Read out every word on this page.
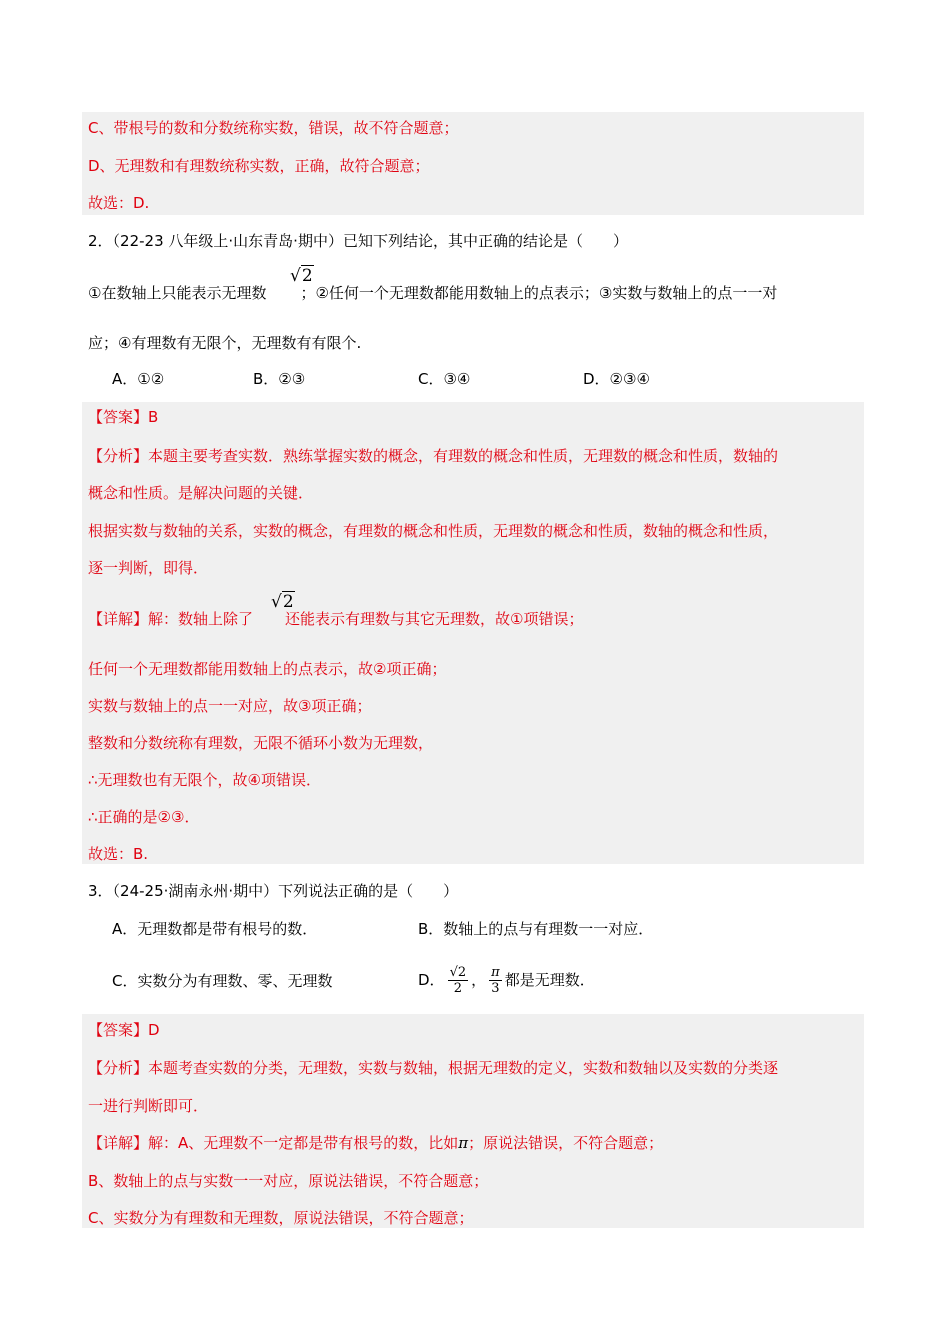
C、带根号的数和分数统称实数，错误，故不符合题意；
D、无理数和有理数统称实数，正确，故符合题意；
故选：D.
2．（22-23 八年级上·山东青岛·期中）已知下列结论，其中正确的结论是（　　）
①在数轴上只能表示无理数 ；②任何一个无理数都能用数轴上的点表示；③实数与数轴上的点一一对
√2
应；④有理数有无限个，无理数有有限个.
A．①②	B．②③	C．③④	D．②③④
【答案】B
【分析】本题主要考查实数．熟练掌握实数的概念，有理数的概念和性质，无理数的概念和性质，数轴的
概念和性质。是解决问题的关键．
根据实数与数轴的关系，实数的概念，有理数的概念和性质，无理数的概念和性质，数轴的概念和性质，
逐一判断，即得．
【详解】解：数轴上除了 还能表示有理数与其它无理数，故①项错误；
√2
任何一个无理数都能用数轴上的点表示，故②项正确；
实数与数轴上的点一一对应，故③项正确；
整数和分数统称有理数，无限不循环小数为无理数，
∴无理数也有无限个，故④项错误．
∴正确的是②③．
故选：B.
3．（24-25·湖南永州·期中）下列说法正确的是（　　）
A．无理数都是带有根号的数．	B．数轴上的点与有理数一一对应．
C．实数分为有理数、零、无理数	D． $\frac{√2}{2}$ ， $\frac{\pi}{3}$ 都是无理数．
【答案】D
【分析】本题考查实数的分类，无理数，实数与数轴，根据无理数的定义，实数和数轴以及实数的分类逐
一进行判断即可．
【详解】解：A、无理数不一定都是带有根号的数，比如π；原说法错误，不符合题意；
B、数轴上的点与实数一一对应，原说法错误，不符合题意；
C、实数分为有理数和无理数，原说法错误，不符合题意；
